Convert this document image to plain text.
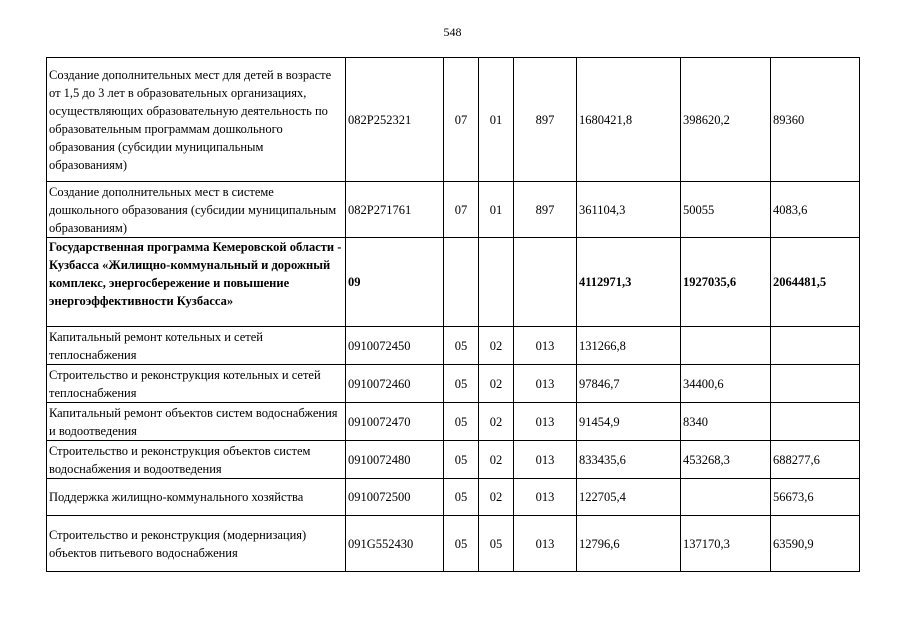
548
Создание дополнительных мест для детей в возрасте от 1,5 до 3 лет в образовательных организациях, осуществляющих образовательную деятельность по образовательным программам дошкольного образования (субсидии муниципальным образованиям)	082P252321	07	01	897	1680421,8	398620,2	89360
Создание дополнительных мест в системе дошкольного образования (субсидии муниципальным образованиям)	082P271761	07	01	897	361104,3	50055	4083,6
Государственная программа Кемеровской области - Кузбасса «Жилищно-коммунальный и дорожный комплекс, энергосбережение и повышение энергоэффективности Кузбасса»	09				4112971,3	1927035,6	2064481,5
Капитальный ремонт котельных и сетей теплоснабжения	0910072450	05	02	013	131266,8		
Строительство и реконструкция котельных и сетей теплоснабжения	0910072460	05	02	013	97846,7	34400,6	
Капитальный ремонт объектов систем водоснабжения и водоотведения	0910072470	05	02	013	91454,9	8340	
Строительство и реконструкция объектов систем водоснабжения и водоотведения	0910072480	05	02	013	833435,6	453268,3	688277,6
Поддержка жилищно-коммунального хозяйства	0910072500	05	02	013	122705,4		56673,6
Строительство и реконструкция (модернизация) объектов питьевого водоснабжения	091G552430	05	05	013	12796,6	137170,3	63590,9
